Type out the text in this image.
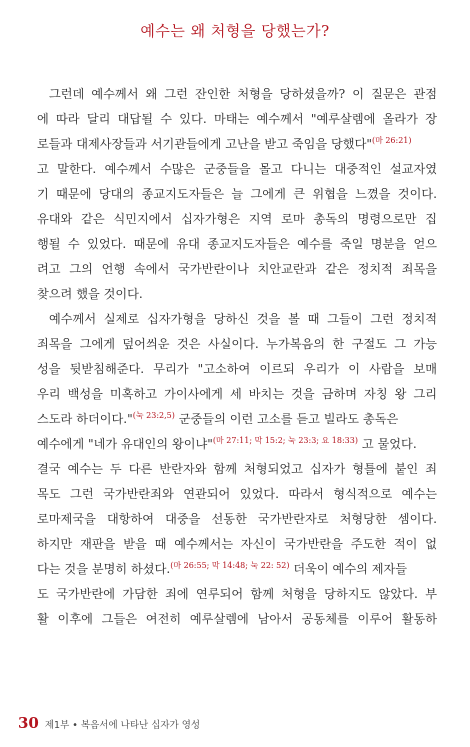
예수는 왜 처형을 당했는가?
그런데 예수께서 왜 그런 잔인한 처형을 당하셨을까? 이 질문은 관점
에 따라 달리 대답될 수 있다. 마태는 예수께서 "예루살렘에 올라가 장
로들과 대제사장들과 서기관들에게 고난을 받고 죽임을 당했다"$^{(마 26:21)}$
고 말한다. 예수께서 수많은 군중들을 몰고 다니는 대중적인 설교자였
기 때문에 당대의 종교지도자들은 늘 그에게 큰 위협을 느꼈을 것이다.
유대와 같은 식민지에서 십자가형은 지역 로마 총독의 명령으로만 집
행될 수 있었다. 때문에 유대 종교지도자들은 예수를 죽일 명분을 얻으
려고 그의 언행 속에서 국가반란이나 치안교란과 같은 정치적 죄목을
찾으려 했을 것이다.
예수께서 실제로 십자가형을 당하신 것을 볼 때 그들이 그런 정치적
죄목을 그에게 덮어씌운 것은 사실이다. 누가복음의 한 구절도 그 가능
성을 뒷받침해준다. 무리가 "고소하여 이르되 우리가 이 사람을 보매
우리 백성을 미혹하고 가이사에게 세 바치는 것을 금하며 자칭 왕 그리
스도라 하더이다."$^{(눅 23:2,5)}$ 군중들의 이런 고소를 듣고 빌라도 총독은
예수에게 "네가 유대인의 왕이냐"$^{(마 27:11; 막 15:2; 눅 23:3; 요 18:33)}$ 고 물었다.
결국 예수는 두 다른 반란자와 함께 처형되었고 십자가 형틀에 붙인 죄
목도 그런 국가반란죄와 연관되어 있었다. 따라서 형식적으로 예수는
로마제국을 대항하여 대중을 선동한 국가반란자로 처형당한 셈이다.
하지만 재판을 받을 때 예수께서는 자신이 국가반란을 주도한 적이 없
다는 것을 분명히 하셨다.$^{(마 26:55; 막 14:48; 눅 22: 52)}$ 더욱이 예수의 제자들
도 국가반란에 가담한 죄에 연루되어 함께 처형을 당하지도 않았다. 부
활 이후에 그들은 여전히 예루살렘에 남아서 공동체를 이루어 활동하
30 제1부 • 복음서에 나타난 십자가 영성
